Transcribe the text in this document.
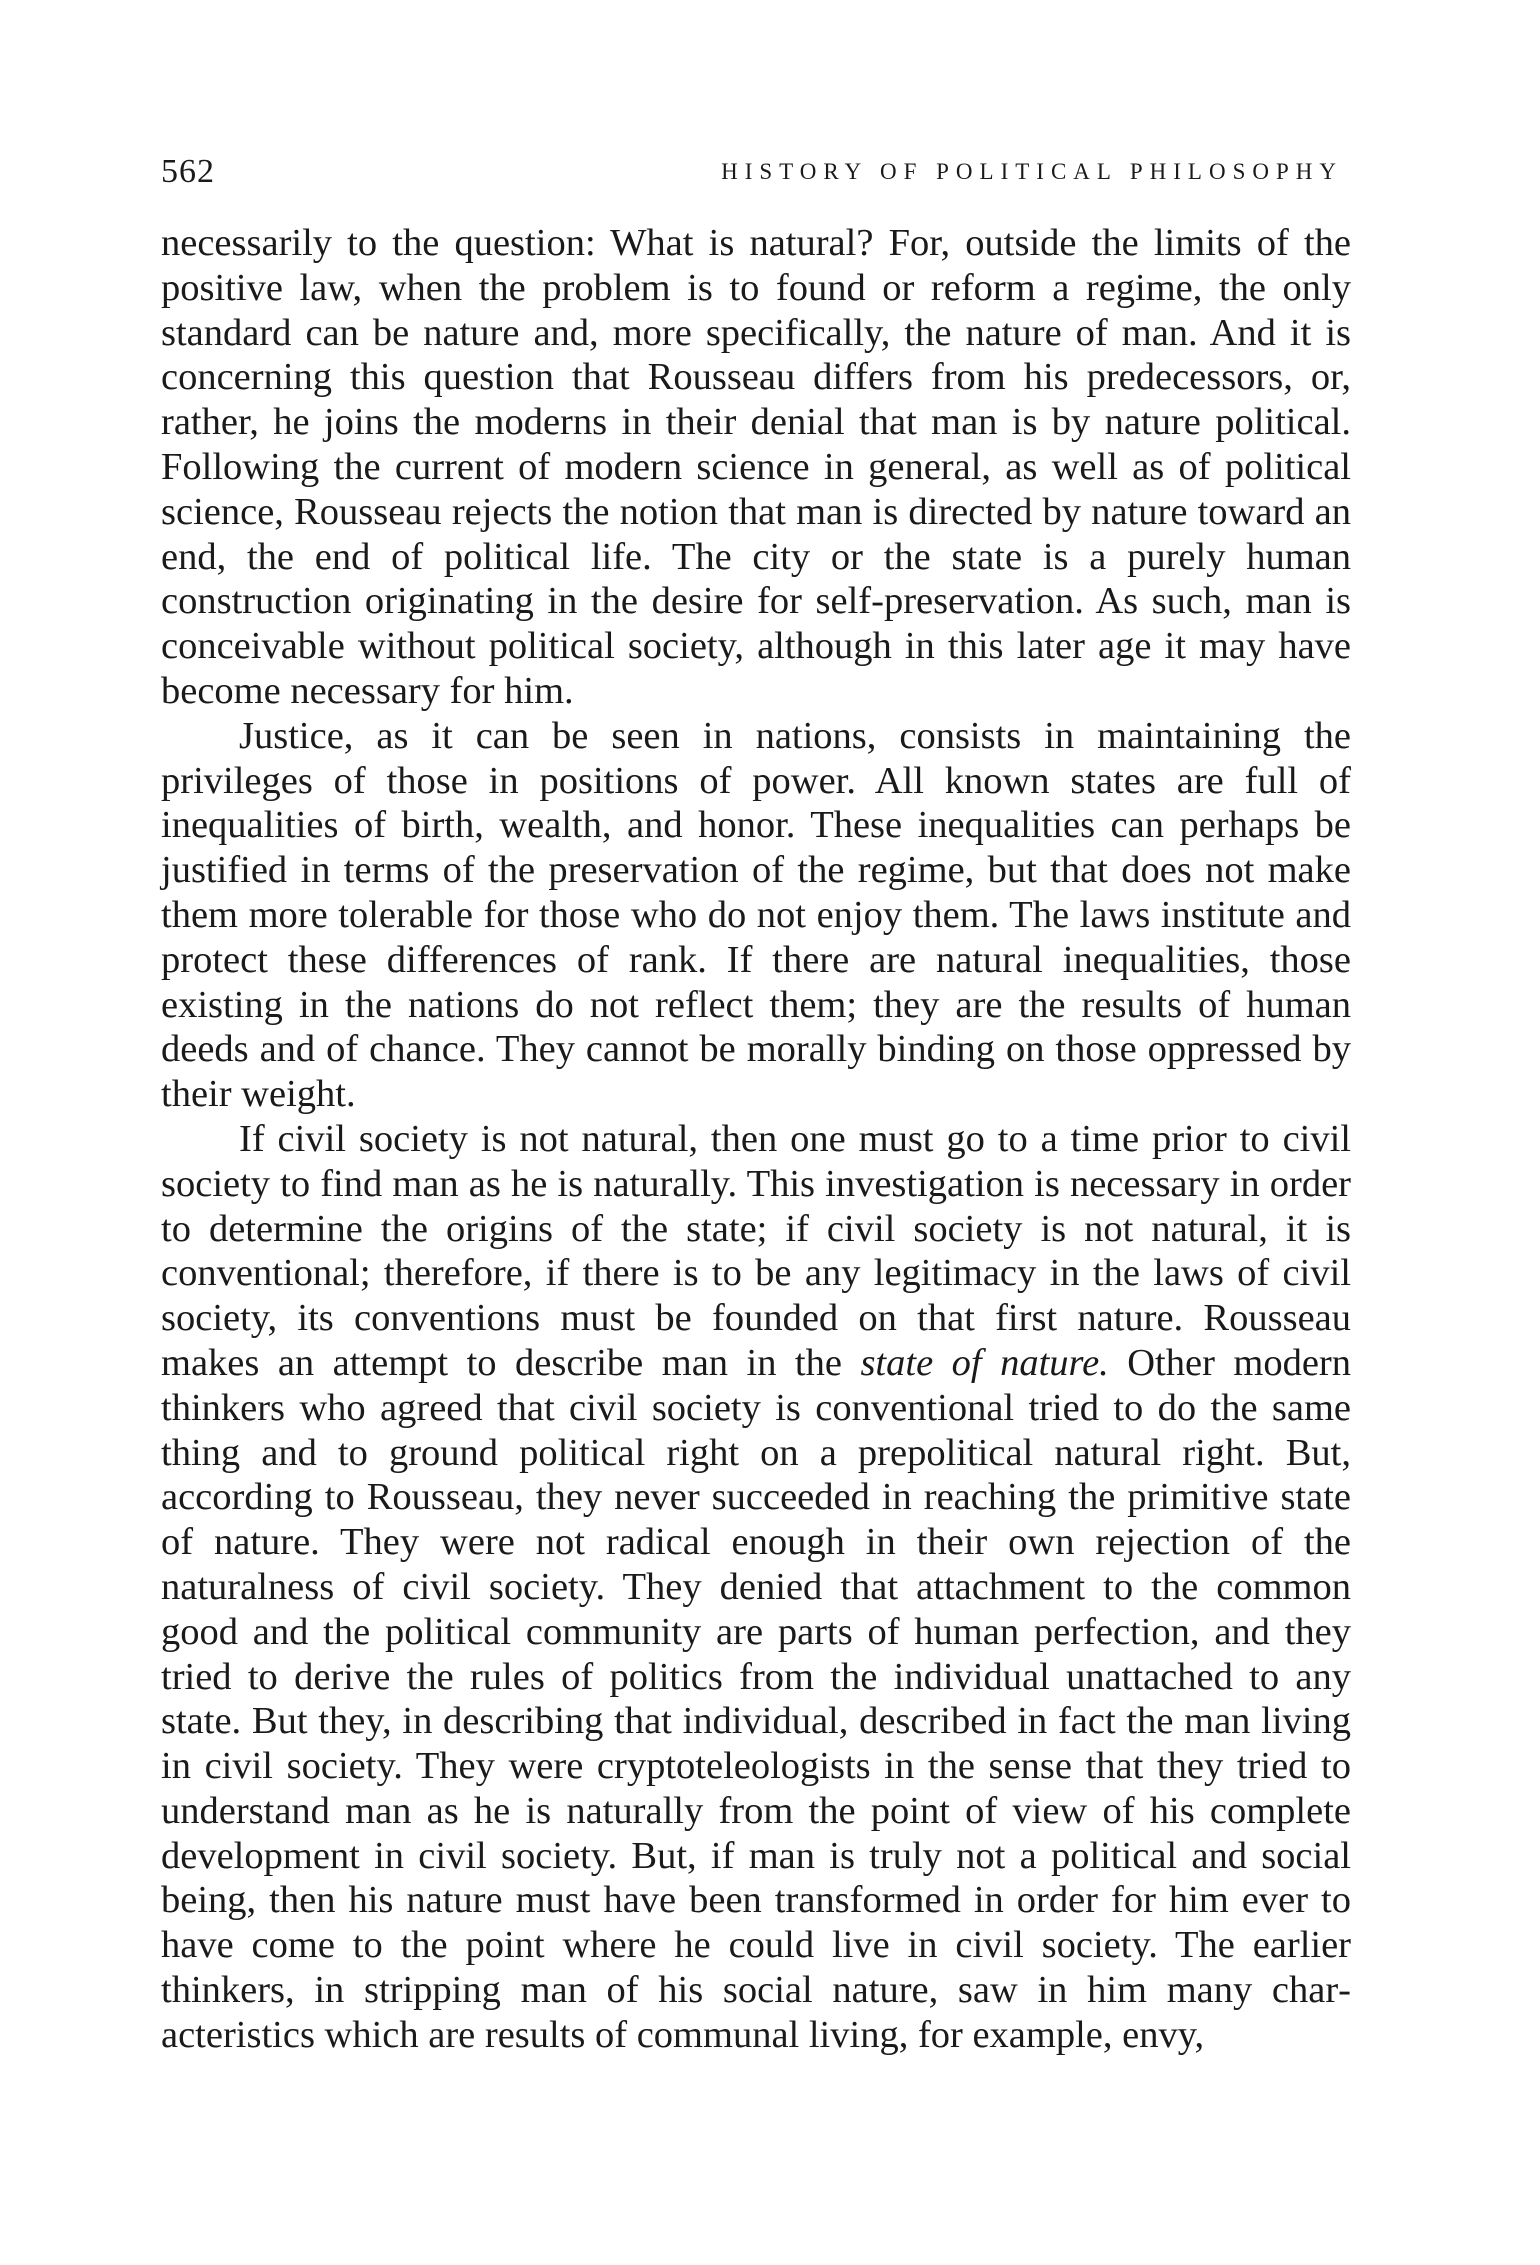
562	HISTORY OF POLITICAL PHILOSOPHY

necessarily to the question: What is natural? For, outside the limits of the positive law, when the problem is to found or reform a regime, the only standard can be nature and, more specifically, the nature of man. And it is concerning this question that Rousseau differs from his predecessors, or, rather, he joins the moderns in their denial that man is by nature political. Following the current of modern science in general, as well as of political science, Rousseau rejects the notion that man is directed by nature toward an end, the end of political life. The city or the state is a purely human construction originating in the desire for self-preservation. As such, man is conceivable without political society, although in this later age it may have become necessary for him.

Justice, as it can be seen in nations, consists in maintaining the privileges of those in positions of power. All known states are full of inequalities of birth, wealth, and honor. These inequalities can perhaps be justified in terms of the preservation of the regime, but that does not make them more tolerable for those who do not enjoy them. The laws institute and protect these differences of rank. If there are natural inequalities, those existing in the nations do not reflect them; they are the results of human deeds and of chance. They cannot be morally binding on those oppressed by their weight.

If civil society is not natural, then one must go to a time prior to civil society to find man as he is naturally. This investigation is necessary in order to determine the origins of the state; if civil society is not natural, it is conventional; therefore, if there is to be any legitimacy in the laws of civil society, its conventions must be founded on that first nature. Rousseau makes an attempt to describe man in the state of nature. Other modern thinkers who agreed that civil society is conventional tried to do the same thing and to ground political right on a prepolitical natural right. But, according to Rousseau, they never succeeded in reaching the primitive state of nature. They were not radical enough in their own rejection of the naturalness of civil society. They denied that attachment to the common good and the political community are parts of human perfection, and they tried to derive the rules of politics from the individual unattached to any state. But they, in describing that individual, described in fact the man living in civil society. They were cryptoteleologists in the sense that they tried to understand man as he is naturally from the point of view of his complete development in civil society. But, if man is truly not a political and social being, then his nature must have been transformed in order for him ever to have come to the point where he could live in civil society. The earlier thinkers, in stripping man of his social nature, saw in him many characteristics which are results of communal living, for example, envy,
